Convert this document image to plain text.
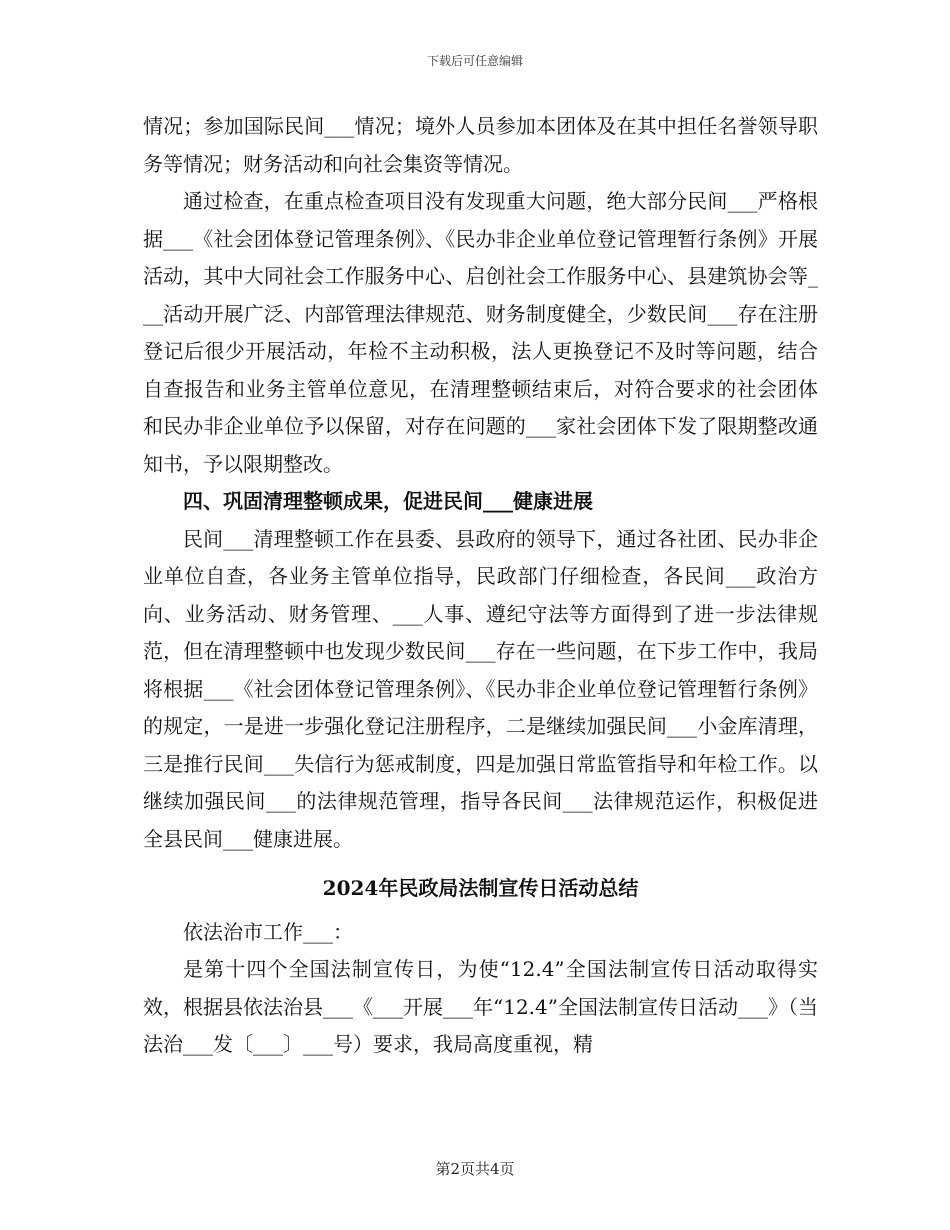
下载后可任意编辑

情况；参加国际民间___情况；境外人员参加本团体及在其中担任名誉领导职务等情况；财务活动和向社会集资等情况。

通过检查，在重点检查项目没有发现重大问题，绝大部分民间___严格根据___《社会团体登记管理条例》、《民办非企业单位登记管理暂行条例》开展活动，其中大同社会工作服务中心、启创社会工作服务中心、县建筑协会等___活动开展广泛、内部管理法律规范、财务制度健全，少数民间___存在注册登记后很少开展活动，年检不主动积极，法人更换登记不及时等问题，结合自查报告和业务主管单位意见，在清理整顿结束后，对符合要求的社会团体和民办非企业单位予以保留，对存在问题的___家社会团体下发了限期整改通知书，予以限期整改。

四、巩固清理整顿成果，促进民间___健康进展

民间___清理整顿工作在县委、县政府的领导下，通过各社团、民办非企业单位自查，各业务主管单位指导，民政部门仔细检查，各民间___政治方向、业务活动、财务管理、___人事、遵纪守法等方面得到了进一步法律规范，但在清理整顿中也发现少数民间___存在一些问题，在下步工作中，我局将根据___《社会团体登记管理条例》、《民办非企业单位登记管理暂行条例》的规定，一是进一步强化登记注册程序，二是继续加强民间___小金库清理，三是推行民间___失信行为惩戒制度，四是加强日常监管指导和年检工作。以继续加强民间___的法律规范管理，指导各民间___法律规范运作，积极促进全县民间___健康进展。

2024年民政局法制宣传日活动总结

依法治市工作___：

是第十四个全国法制宣传日，为使“12.4”全国法制宣传日活动取得实效，根据县依法治县___《___开展___年“12.4”全国法制宣传日活动___》（当法治___发〔___〕___号）要求，我局高度重视，精

第2页共4页
